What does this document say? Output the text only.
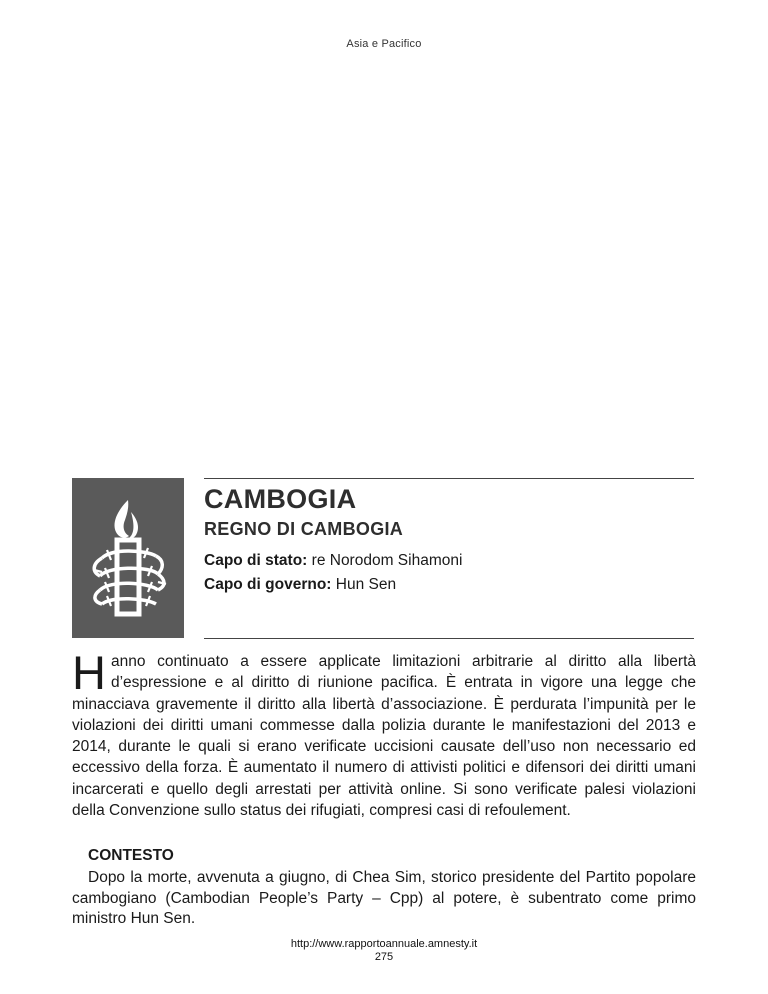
Asia e Pacifico
CAMBOGIA
REGNO DI CAMBOGIA
Capo di stato: re Norodom Sihamoni
Capo di governo: Hun Sen

Hanno continuato a essere applicate limitazioni arbitrarie al diritto alla libertà d’espressione e al diritto di riunione pacifica. È entrata in vigore una legge che minacciava gravemente il diritto alla libertà d’associazione. È perdurata l’impunità per le violazioni dei diritti umani commesse dalla polizia durante le manifestazioni del 2013 e 2014, durante le quali si erano verificate uccisioni causate dell’uso non necessario ed eccessivo della forza. È aumentato il numero di attivisti politici e difensori dei diritti umani incarcerati e quello degli arrestati per attività online. Si sono verificate palesi violazioni della Convenzione sullo status dei rifugiati, compresi casi di refoulement.

CONTESTO

Dopo la morte, avvenuta a giugno, di Chea Sim, storico presidente del Partito popolare cambogiano (Cambodian People’s Party – Cpp) al potere, è subentrato come primo ministro Hun Sen.

http://www.rapportoannuale.amnesty.it
275
